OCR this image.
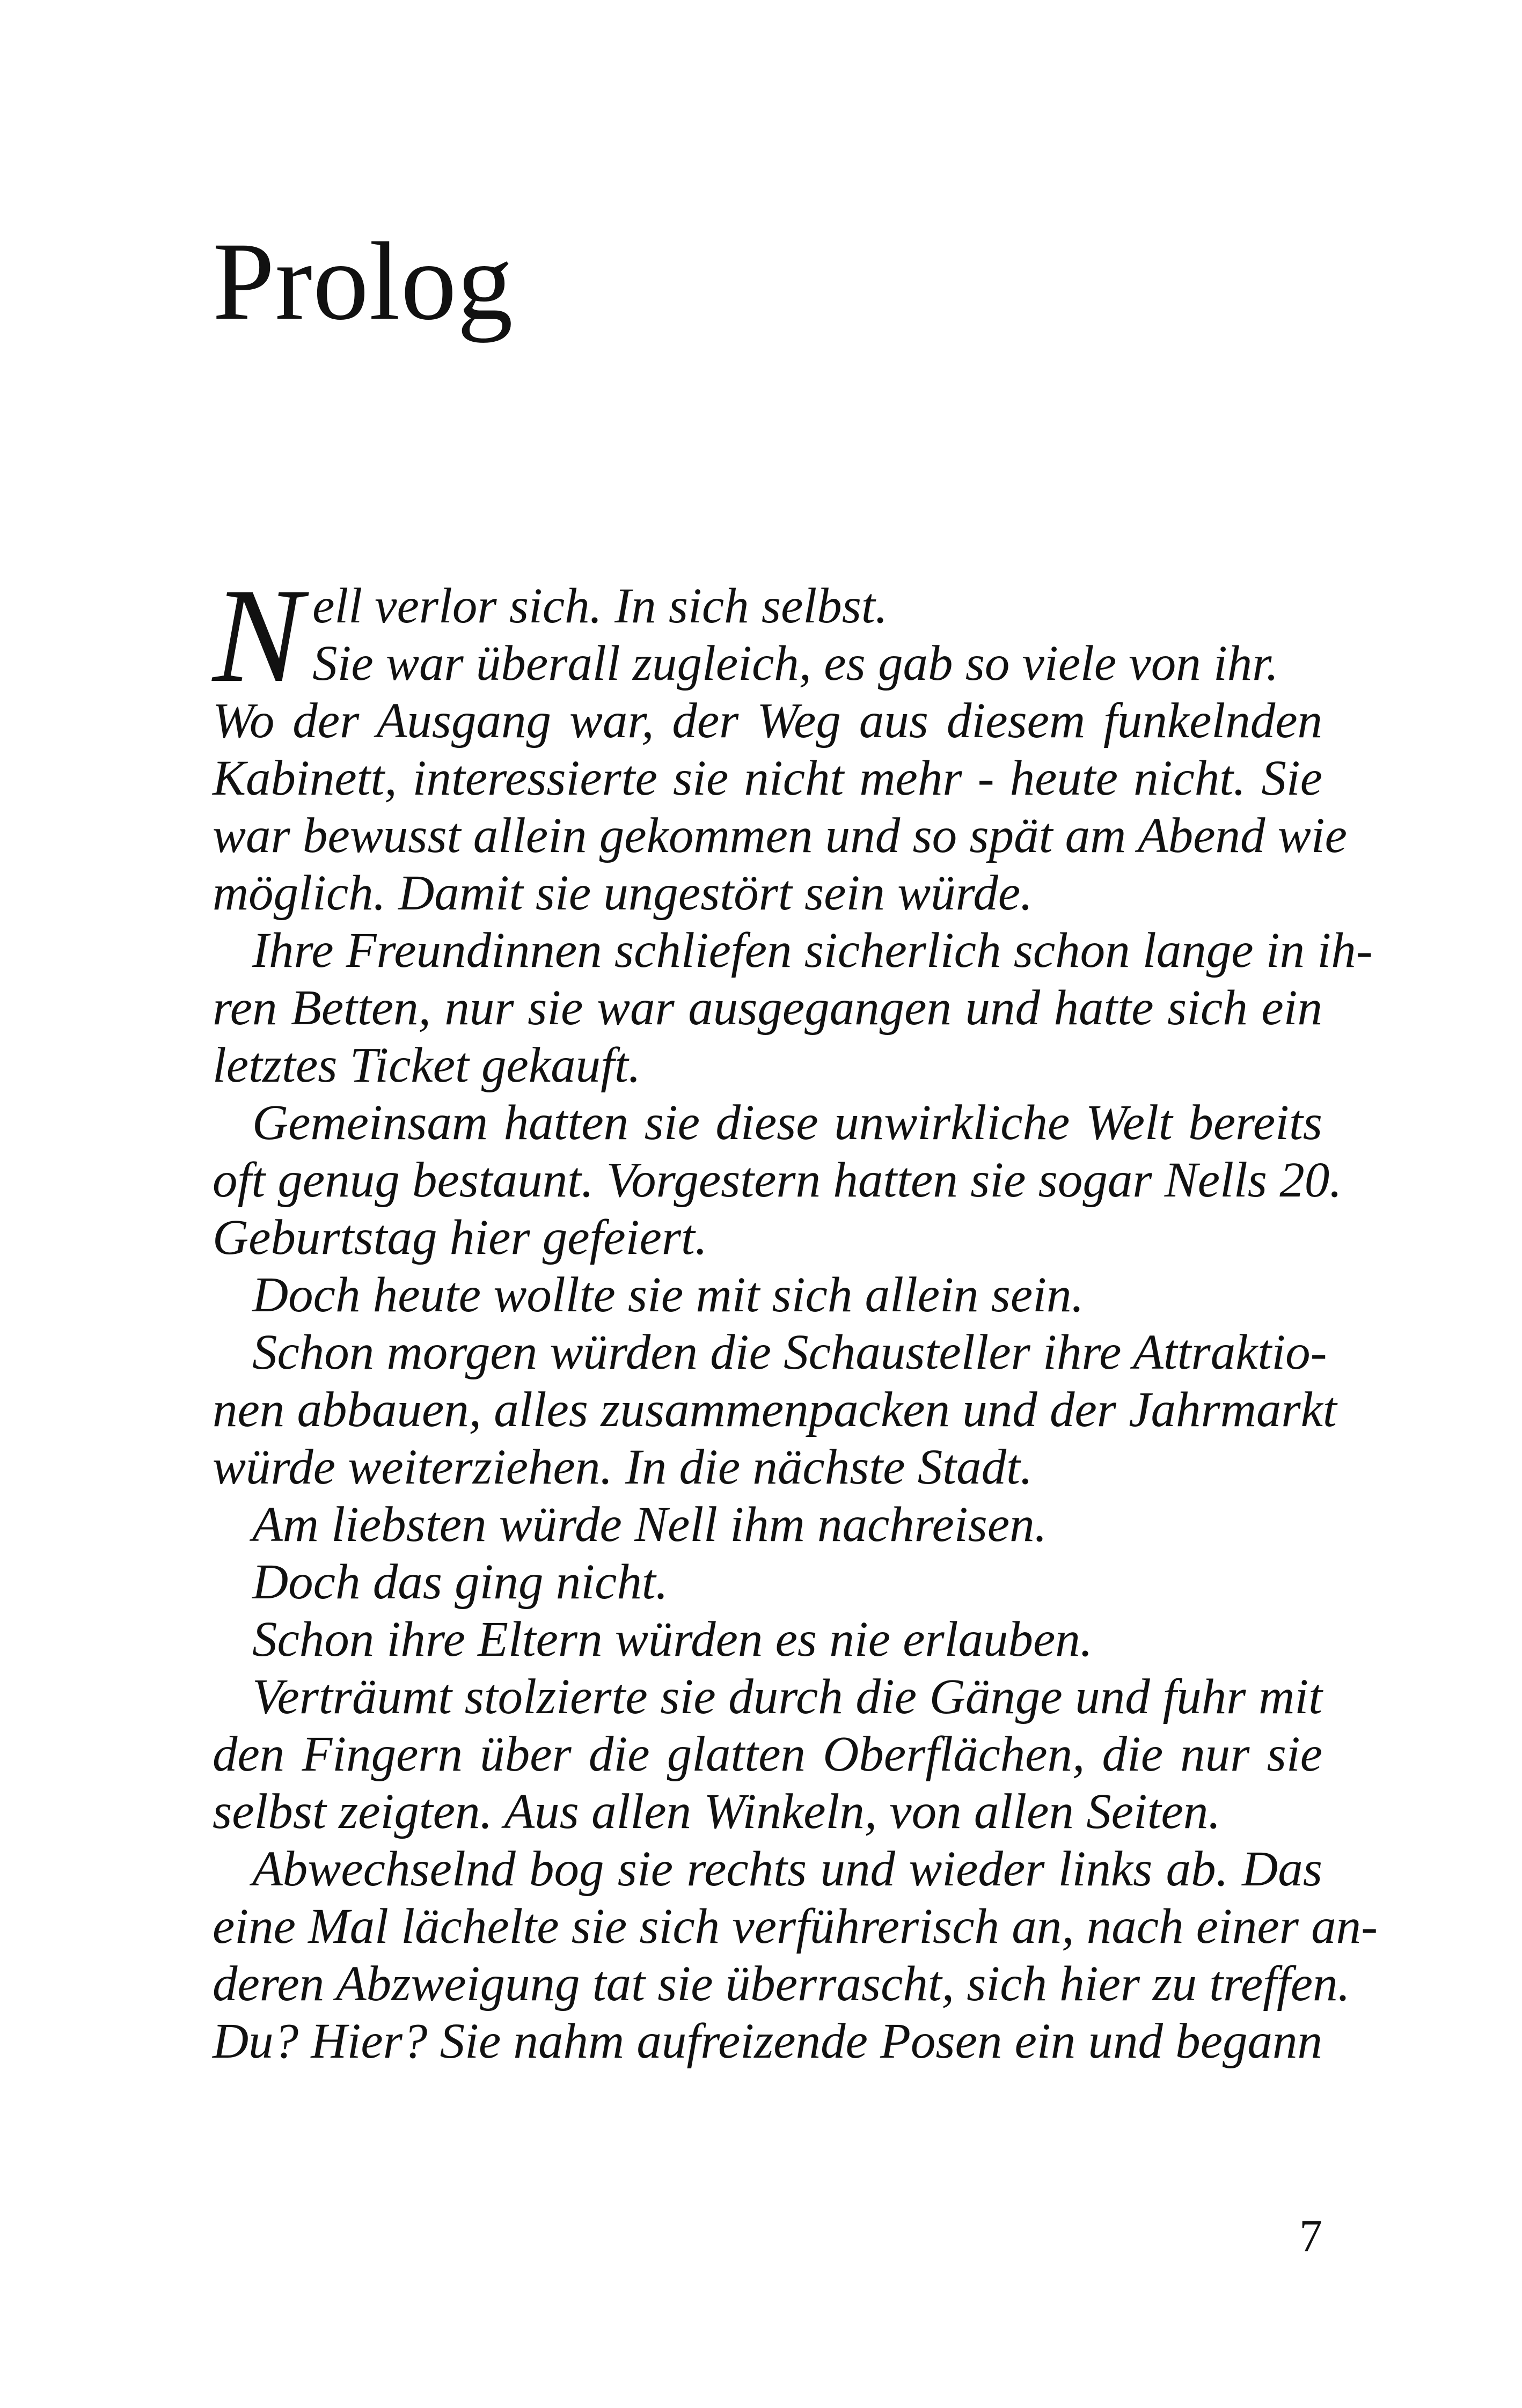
Prolog
N ell verlor sich. In sich selbst.
Sie war überall zugleich, es gab so viele von ihr.
Wo der Ausgang war, der Weg aus diesem funkelnden
Kabinett, interessierte sie nicht mehr - heute nicht. Sie
war bewusst allein gekommen und so spät am Abend wie
möglich. Damit sie ungestört sein würde.
Ihre Freundinnen schliefen sicherlich schon lange in ih-
ren Betten, nur sie war ausgegangen und hatte sich ein
letztes Ticket gekauft.
Gemeinsam hatten sie diese unwirkliche Welt bereits
oft genug bestaunt. Vorgestern hatten sie sogar Nells 20.
Geburtstag hier gefeiert.
Doch heute wollte sie mit sich allein sein.
Schon morgen würden die Schausteller ihre Attraktio-
nen abbauen, alles zusammenpacken und der Jahrmarkt
würde weiterziehen. In die nächste Stadt.
Am liebsten würde Nell ihm nachreisen.
Doch das ging nicht.
Schon ihre Eltern würden es nie erlauben.
Verträumt stolzierte sie durch die Gänge und fuhr mit
den Fingern über die glatten Oberflächen, die nur sie
selbst zeigten. Aus allen Winkeln, von allen Seiten.
Abwechselnd bog sie rechts und wieder links ab. Das
eine Mal lächelte sie sich verführerisch an, nach einer an-
deren Abzweigung tat sie überrascht, sich hier zu treffen.
Du? Hier? Sie nahm aufreizende Posen ein und begann
7
